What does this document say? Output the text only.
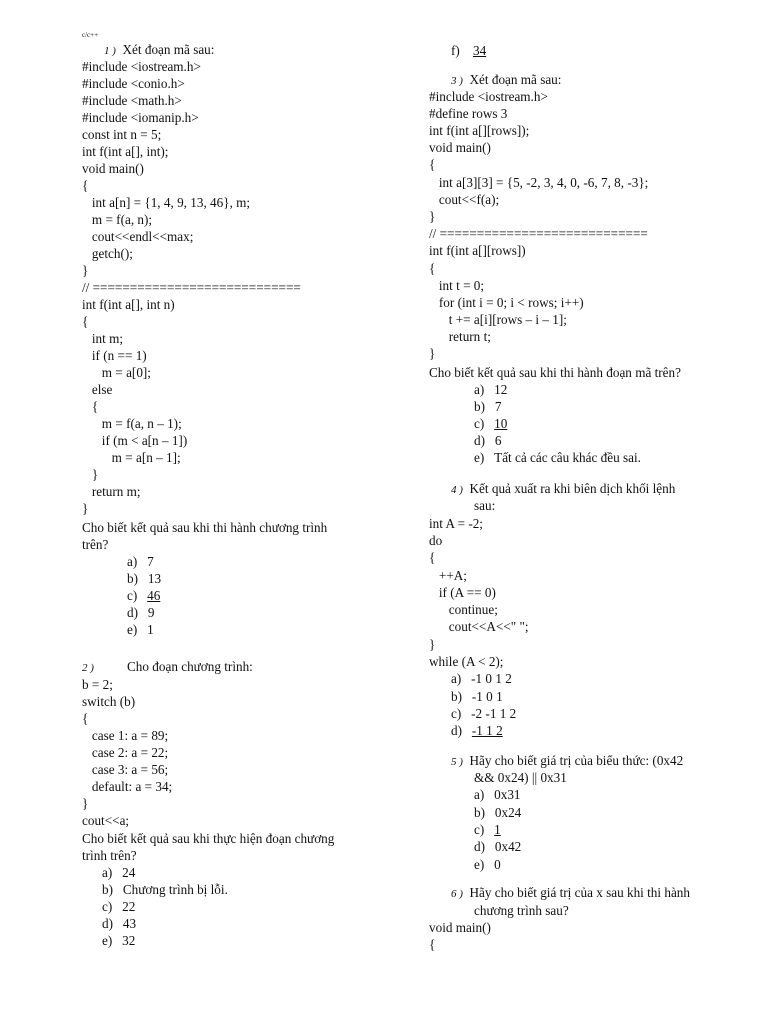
c/c++
1 ) Xét đoạn mã sau:
#include <iostream.h>
#include <conio.h>
#include <math.h>
#include <iomanip.h>
const int n = 5;
int f(int a[], int);
void main()
{
int a[n] = {1, 4, 9, 13, 46}, m;
m = f(a, n);
cout<<endl<<max;
getch();
}
// ============================
int f(int a[], int n)
{
int m;
if (n == 1)
m = a[0];
else
{
m = f(a, n – 1);
if (m < a[n – 1])
m = a[n – 1];
}
return m;
}
Cho biết kết quả sau khi thi hành chương trình
trên?
a) 7
b) 13
c) 46
d) 9
e) 1
2 )	Cho đoạn chương trình:
b = 2;
switch (b)
{
case 1: a = 89;
case 2: a = 22;
case 3: a = 56;
default: a = 34;
}
cout<<a;
Cho biết kết quả sau khi thực hiện đoạn chương
trình trên?
a) 24
b) Chương trình bị lỗi.
c) 22
d) 43
e) 32
f) 34
3 ) Xét đoạn mã sau:
#include <iostream.h>
#define rows 3
int f(int a[][rows]);
void main()
{
int a[3][3] = {5, -2, 3, 4, 0, -6, 7, 8, -3};
cout<<f(a);
}
// ============================
int f(int a[][rows])
{
int t = 0;
for (int i = 0; i < rows; i++)
t += a[i][rows – i – 1];
return t;
}
Cho biết kết quả sau khi thi hành đoạn mã trên?
a) 12
b) 7
c) 10
d) 6
e) Tất cả các câu khác đều sai.
4 ) Kết quả xuất ra khi biên dịch khối lệnh
sau:
int A = -2;
do
{
++A;
if (A == 0)
continue;
cout<<A<<" ";
}
while (A < 2);
a) -1 0 1 2
b) -1 0 1
c) -2 -1 1 2
d) -1 1 2
5 ) Hãy cho biết giá trị của biểu thức: (0x42
&& 0x24) || 0x31
a) 0x31
b) 0x24
c) 1
d) 0x42
e) 0
6 ) Hãy cho biết giá trị của x sau khi thi hành
chương trình sau?
void main()
{
